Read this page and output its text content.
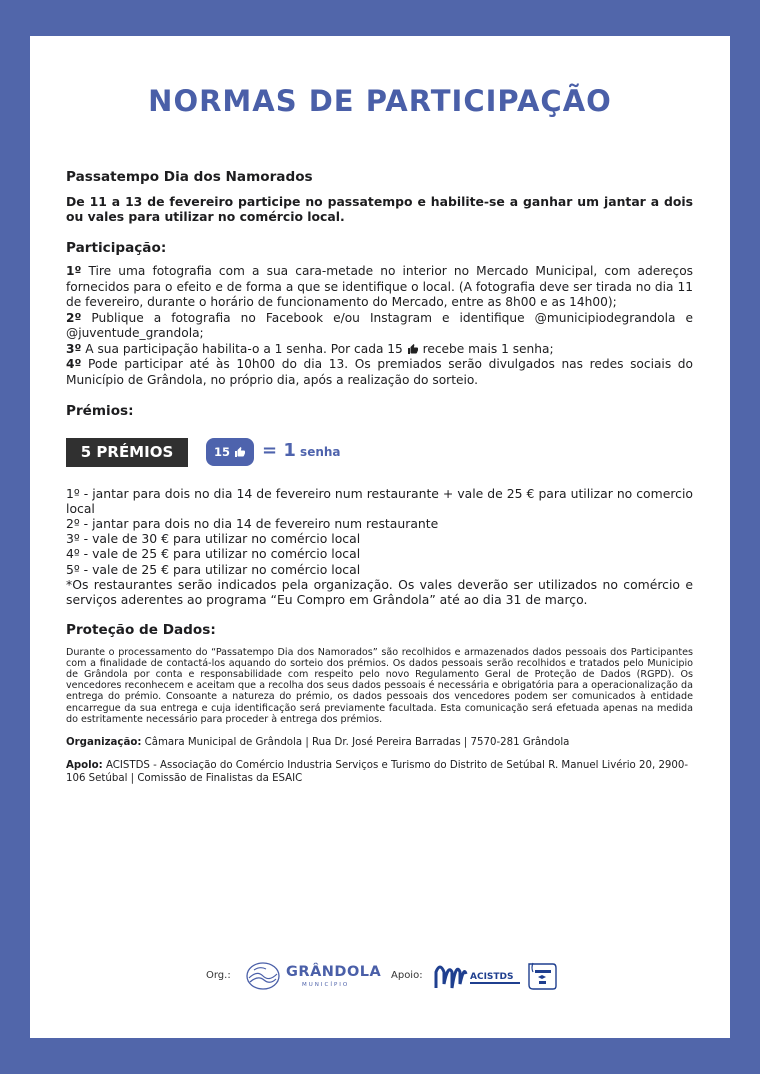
NORMAS DE PARTICIPAÇÃO
Passatempo Dia dos Namorados

De 11 a 13 de fevereiro participe no passatempo e habilite-se a ganhar um jantar a dois ou vales para utilizar no comércio local.

Participação:

1º Tire uma fotografia com a sua cara-metade no interior no Mercado Municipal, com adereços fornecidos para o efeito e de forma a que se identifique o local. (A fotografia deve ser tirada no dia 11 de fevereiro, durante o horário de funcionamento do Mercado, entre as 8h00 e as 14h00);

2º Publique a fotografia no Facebook e/ou Instagram e identifique @municipiodegrandola e @juventude_grandola;

3º A sua participação habilita-o a 1 senha. Por cada 15
recebe mais 1 senha;

4º Pode participar até às 10h00 do dia 13. Os premiados serão divulgados nas redes sociais do Município de Grândola, no próprio dia, após a realização do sorteio.

Prémios:
5 PRÉMIOS	15	= 1 senha
1º - jantar para dois no dia 14 de fevereiro num restaurante + vale de 25 € para utilizar no comercio local
2º - jantar para dois no dia 14 de fevereiro num restaurante
3º - vale de 30 € para utilizar no comércio local
4º - vale de 25 € para utilizar no comércio local
5º - vale de 25 € para utilizar no comércio local
*Os restaurantes serão indicados pela organização. Os vales deverão ser utilizados no comércio e serviços aderentes ao programa “Eu Compro em Grândola” até ao dia 31 de março.
Proteção de Dados:

Durante o processamento do “Passatempo Dia dos Namorados” são recolhidos e armazenados dados pessoais dos Participantes com a finalidade de contactá-los aquando do sorteio dos prémios. Os dados pessoais serão recolhidos e tratados pelo Municipio de Grândola por conta e responsabilidade com respeito pelo novo Regulamento Geral de Proteção de Dados (RGPD). Os vencedores reconhecem e aceitam que a recolha dos seus dados pessoais é necessária e obrigatória para a operacionalização da entrega do prémio. Consoante a natureza do prémio, os dados pessoais dos vencedores podem ser comunicados à entidade encarregue da sua entrega e cuja identificação será previamente facultada. Esta comunicação será efetuada apenas na medida do estritamente necessário para proceder à entrega dos prémios.

Organização: Câmara Municipal de Grândola | Rua Dr. José Pereira Barradas | 7570-281 Grândola

Apolo: ACISTDS - Associação do Comércio Industria Serviços e Turismo do Distrito de Setúbal R. Manuel Livério 20, 2900-106 Setúbal | Comissão de Finalistas da ESAIC

Org.:	GRÂNDOLA
MUNICÍPIO
Apoio:	ACISTDS
